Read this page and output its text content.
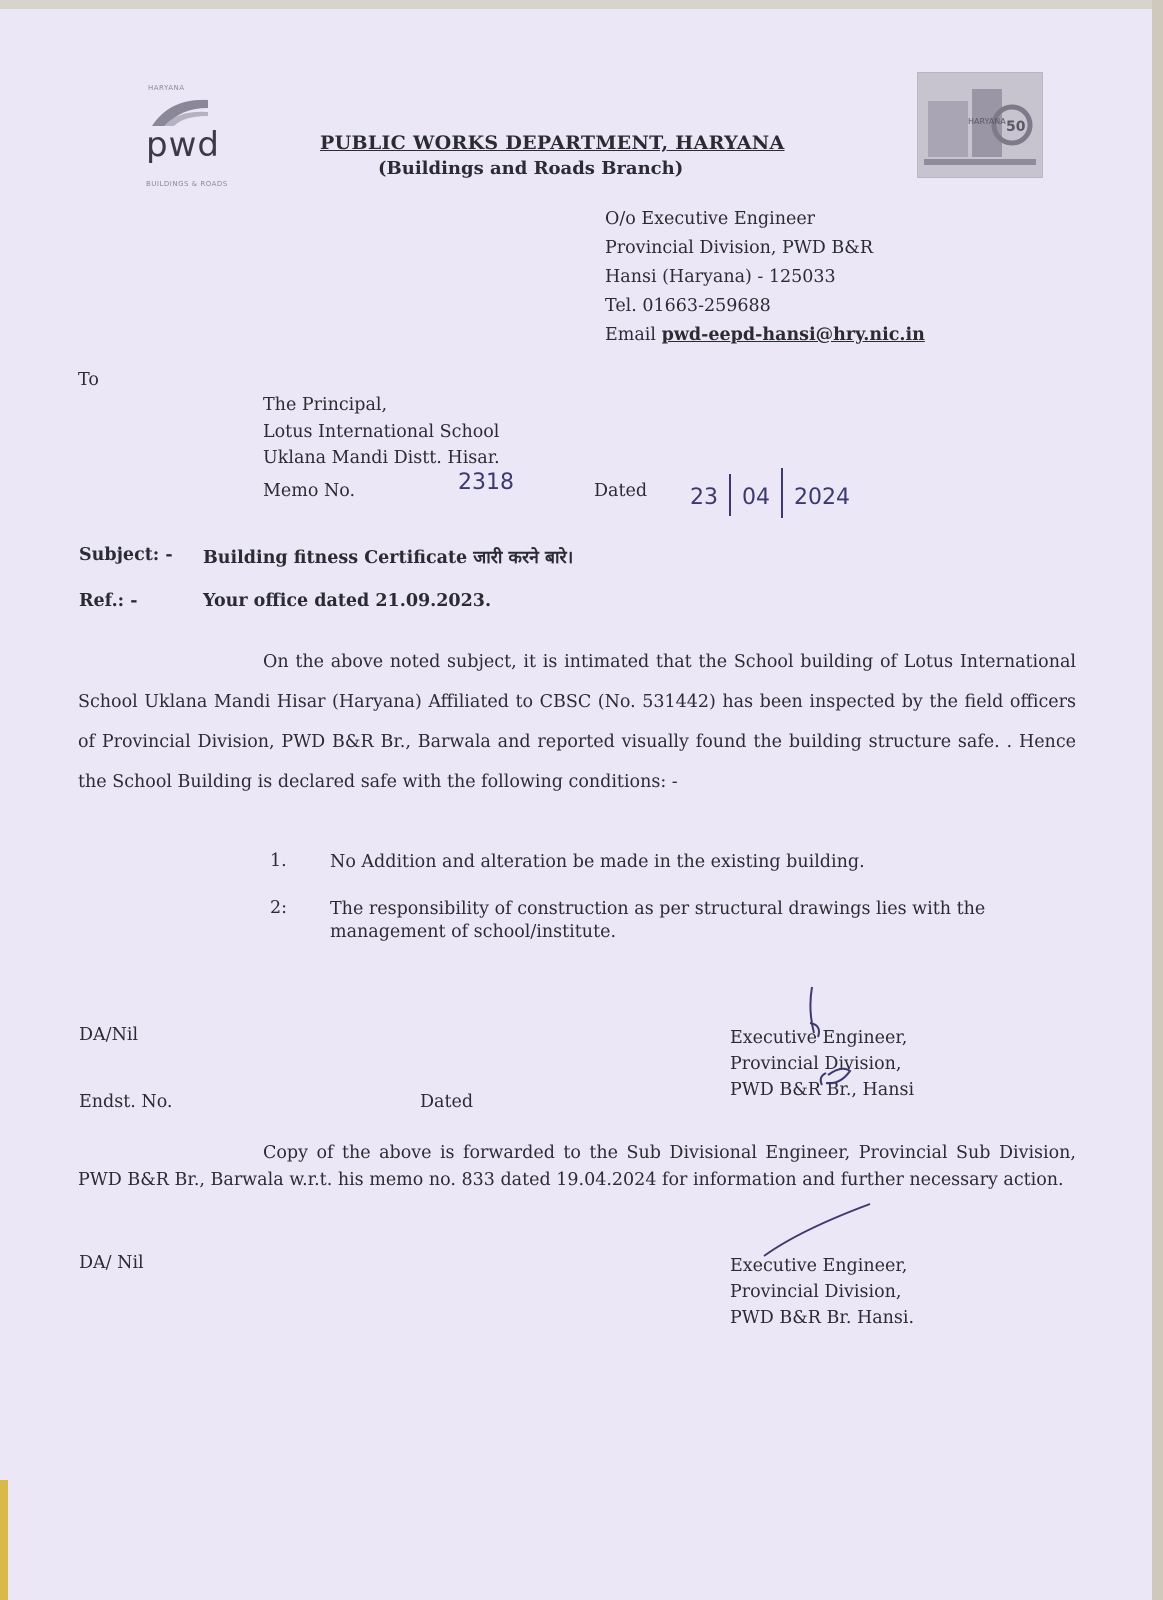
HARYANA
pwd
BUILDINGS & ROADS
HARYANA 50
PUBLIC WORKS DEPARTMENT, HARYANA
(Buildings and Roads Branch)
O/o Executive Engineer
Provincial Division, PWD B&R
Hansi (Haryana) - 125033
Tel. 01663-259688
Email pwd-eepd-hansi@hry.nic.in
To
The Principal,
Lotus International School
Uklana Mandi Distt. Hisar.
Memo No.	2318	Dated 23 04 2024
Subject: - Building fitness Certificate जारी करने बारे।
Ref.: -	Your office dated 21.09.2023.
On the above noted subject, it is intimated that the School building of Lotus International School Uklana Mandi Hisar (Haryana) Affiliated to CBSC (No. 531442) has been inspected by the field officers of Provincial Division, PWD B&R Br., Barwala and reported visually found the building structure safe. . Hence the School Building is declared safe with the following conditions: -
1. No Addition and alteration be made in the existing building.
2: The responsibility of construction as per structural drawings lies with the management of school/institute.
DA/Nil	Executive Engineer,
Provincial Division,
PWD B&R Br., Hansi
Endst. No.	Dated
Copy of the above is forwarded to the Sub Divisional Engineer, Provincial Sub Division, PWD B&R Br., Barwala w.r.t. his memo no. 833 dated 19.04.2024 for information and further necessary action.
DA/ Nil	Executive Engineer,
Provincial Division,
PWD B&R Br. Hansi.
